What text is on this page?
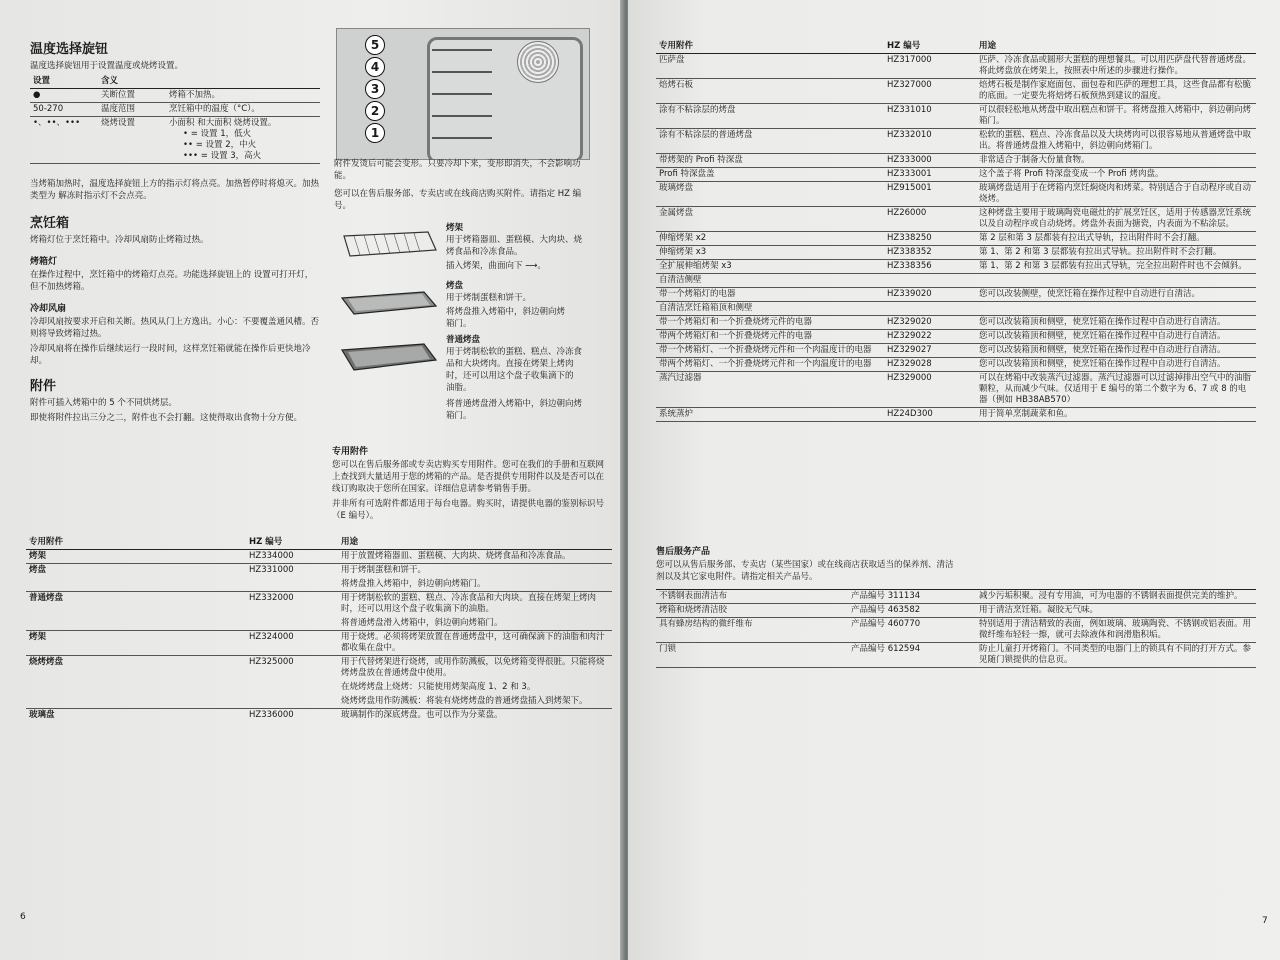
温度选择旋钮

温度选择旋钮用于设置温度或烧烤设置。

设置	含义	
●	关断位置	烤箱不加热。
50-270	温度范围	烹饪箱中的温度（°C）。
•、••、•••	烧烤设置	小面积 和大面积 烧烤设置。
• = 设置 1，低火
•• = 设置 2，中火
••• = 设置 3，高火

当烤箱加热时，温度选择旋钮上方的指示灯将点亮。加热暂停时将熄灭。加热类型为 解冻时指示灯不会点亮。

烹饪箱

烤箱灯位于烹饪箱中。冷却风扇防止烤箱过热。

烤箱灯

在操作过程中，烹饪箱中的烤箱灯点亮。功能选择旋钮上的 设置可打开灯，但不加热烤箱。

冷却风扇

冷却风扇按要求开启和关断。热风从门上方逸出。小心：不要覆盖通风槽。否则将导致烤箱过热。

冷却风扇将在操作后继续运行一段时间，这样烹饪箱就能在操作后更快地冷却。

附件

附件可插入烤箱中的 5 个不同烘烤层。

即使将附件拉出三分之二，附件也不会打翻。这使得取出食物十分方便。

5
4
3
2
1

附件发烫后可能会变形。只要冷却下来，变形即消失，不会影响功能。

您可以在售后服务部、专卖店或在线商店购买附件。请指定 HZ 编号。

烤架
用于烤箱器皿、蛋糕模、大肉块、烧
烤食品和冷冻食品。
插入烤架，曲面向下 ⟶。
烤盘
用于烤制蛋糕和饼干。
将烤盘推入烤箱中，斜边朝向烤
箱门。
普通烤盘
用于烤制松软的蛋糕、糕点、冷冻食
品和大块烤肉。直接在烤架上烤肉
时，还可以用这个盘子收集滴下的
油脂。
将普通烤盘滑入烤箱中，斜边朝向烤
箱门。
专用附件

您可以在售后服务部或专卖店购买专用附件。您可在我们的手册和互联网上查找到大量适用于您的烤箱的产品。是否提供专用附件以及是否可以在线订购取决于您所在国家。详细信息请参考销售手册。

并非所有可选附件都适用于每台电器。购买时，请提供电器的鉴别标识号（E 编号）。

专用附件	HZ 编号	用途
烤架	HZ334000	用于放置烤箱器皿、蛋糕模、大肉块、烧烤食品和冷冻食品。
烤盘	HZ331000	用于烤制蛋糕和饼干。
将烤盘推入烤箱中，斜边朝向烤箱门。

普通烤盘	HZ332000	用于烤制松软的蛋糕、糕点、冷冻食品和大肉块。直接在烤架上烤肉时，还可以用这个盘子收集滴下的油脂。
将普通烤盘滑入烤箱中，斜边朝向烤箱门。

烤架	HZ324000	用于烧烤。必须将烤架放置在普通烤盘中，这可确保滴下的油脂和肉汁都收集在盘中。
烧烤烤盘	HZ325000	用于代替烤架进行烧烤，或用作防溅板，以免烤箱变得很脏。只能将烧烤烤盘放在普通烤盘中使用。
在烧烤烤盘上烧烤：只能使用烤架高度 1、2 和 3。
烧烤烤盘用作防溅板：将装有烧烤烤盘的普通烤盘插入到烤架下。

玻璃盘	HZ336000	玻璃制作的深底烤盘。也可以作为分菜盘。
6
专用附件	HZ 编号	用途
匹萨盘	HZ317000	匹萨、冷冻食品或圆形大蛋糕的理想餐具。可以用匹萨盘代替普通烤盘。将此烤盘放在烤架上，按照表中所述的步骤进行操作。
焙烤石板	HZ327000	焙烤石板是制作家庭面包、面包卷和匹萨的理想工具，这些食品都有松脆的底面。一定要先将焙烤石板预热到建议的温度。
涂有不粘涂层的烤盘	HZ331010	可以很轻松地从烤盘中取出糕点和饼干。将烤盘推入烤箱中，斜边朝向烤箱门。
涂有不粘涂层的普通烤盘	HZ332010	松软的蛋糕、糕点、冷冻食品以及大块烤肉可以很容易地从普通烤盘中取出。将普通烤盘推入烤箱中，斜边朝向烤箱门。
带烤架的 Profi 特深盘	HZ333000	非常适合于制备大份量食物。
Profi 特深盘盖	HZ333001	这个盖子将 Profi 特深盘变成一个 Profi 烤肉盘。
玻璃烤盘	HZ915001	玻璃烤盘适用于在烤箱内烹饪焖烧肉和烤菜。特别适合于自动程序或自动烧烤。
金属烤盘	HZ26000	这种烤盘主要用于玻璃陶瓷电磁灶的扩展烹饪区，适用于传感器烹饪系统以及自动程序或自动烧烤。烤盘外表面为搪瓷，内表面为不粘涂层。
伸缩烤架 x2	HZ338250	第 2 层和第 3 层都装有拉出式导轨，拉出附件时不会打翻。
伸缩烤架 x3	HZ338352	第 1、第 2 和第 3 层都装有拉出式导轨。拉出附件时不会打翻。
全扩展伸缩烤架 x3	HZ338356	第 1、第 2 和第 3 层都装有拉出式导轨，完全拉出附件时也不会倾斜。
自清洁侧壁		
带一个烤箱灯的电器	HZ339020	您可以改装侧壁，使烹饪箱在操作过程中自动进行自清洁。
自清洁烹饪箱箱顶和侧壁		
带一个烤箱灯和一个折叠烧烤元件的电器	HZ329020	您可以改装箱顶和侧壁，使烹饪箱在操作过程中自动进行自清洁。
带两个烤箱灯和一个折叠烧烤元件的电器	HZ329022	您可以改装箱顶和侧壁，使烹饪箱在操作过程中自动进行自清洁。
带一个烤箱灯、一个折叠烧烤元件和一个肉温度计的电器	HZ329027	您可以改装箱顶和侧壁，使烹饪箱在操作过程中自动进行自清洁。
带两个烤箱灯、一个折叠烧烤元件和一个肉温度计的电器	HZ329028	您可以改装箱顶和侧壁，使烹饪箱在操作过程中自动进行自清洁。
蒸汽过滤器	HZ329000	可以在烤箱中改装蒸汽过滤器。蒸汽过滤器可以过滤掉排出空气中的油脂颗粒，从而减少气味。仅适用于 E 编号的第二个数字为 6、7 或 8 的电器（例如 HB38AB570）
系统蒸炉	HZ24D300	用于简单烹制蔬菜和鱼。
售后服务产品

您可以从售后服务部、专卖店（某些国家）或在线商店获取适当的保养剂、清洁剂以及其它家电附件。请指定相关产品号。

不锈钢表面清洁布	产品编号 311134	减少污垢积聚。浸有专用油，可为电器的不锈钢表面提供完美的维护。
烤箱和烧烤清洁胶	产品编号 463582	用于清洁烹饪箱。凝胶无气味。
具有蜂房结构的微纤维布	产品编号 460770	特别适用于清洁精致的表面，例如玻璃、玻璃陶瓷、不锈钢或铝表面。用微纤维布轻轻一擦，就可去除液体和润滑脂积垢。
门锁	产品编号 612594	防止儿童打开烤箱门。不同类型的电器门上的锁具有不同的打开方式。参见随门锁提供的信息页。
7
